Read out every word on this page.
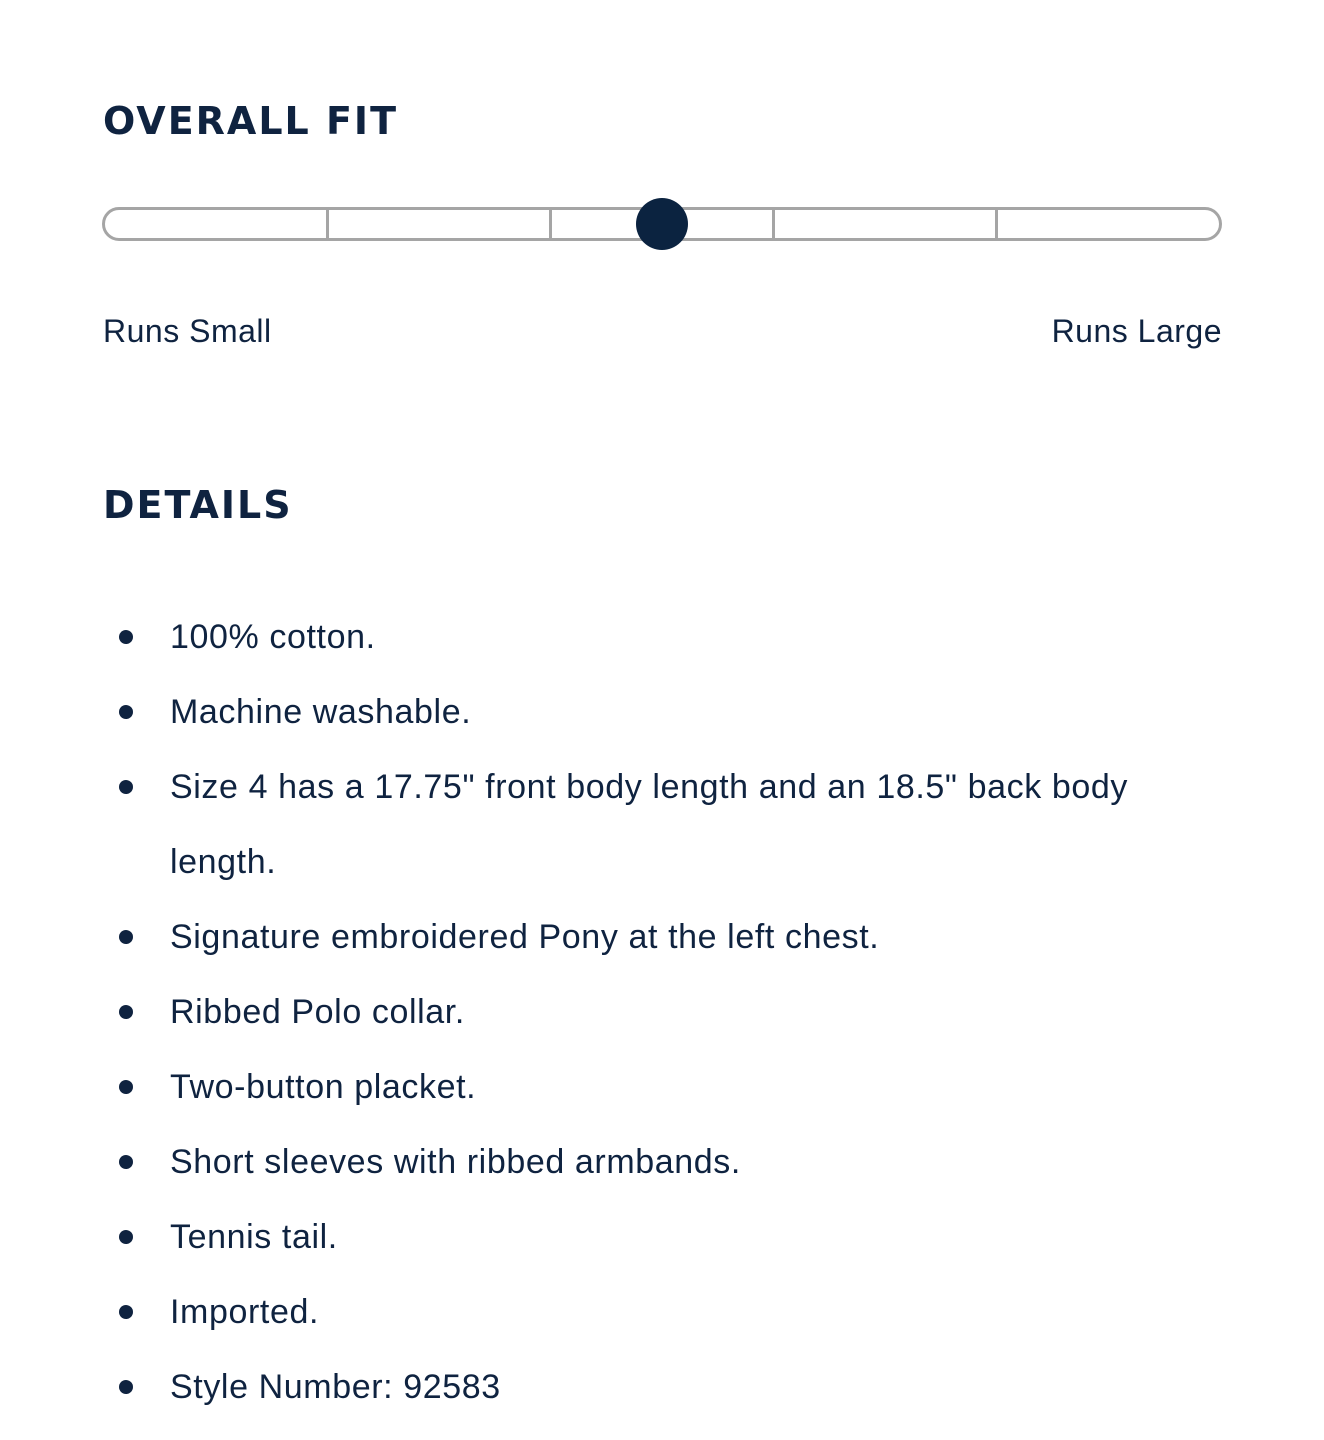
OVERALL FIT
Runs Small	Runs Large
DETAILS
100% cotton.
Machine washable.
Size 4 has a 17.75" front body length and an 18.5" back body length.
Signature embroidered Pony at the left chest.
Ribbed Polo collar.
Two-button placket.
Short sleeves with ribbed armbands.
Tennis tail.
Imported.
Style Number: 92583
